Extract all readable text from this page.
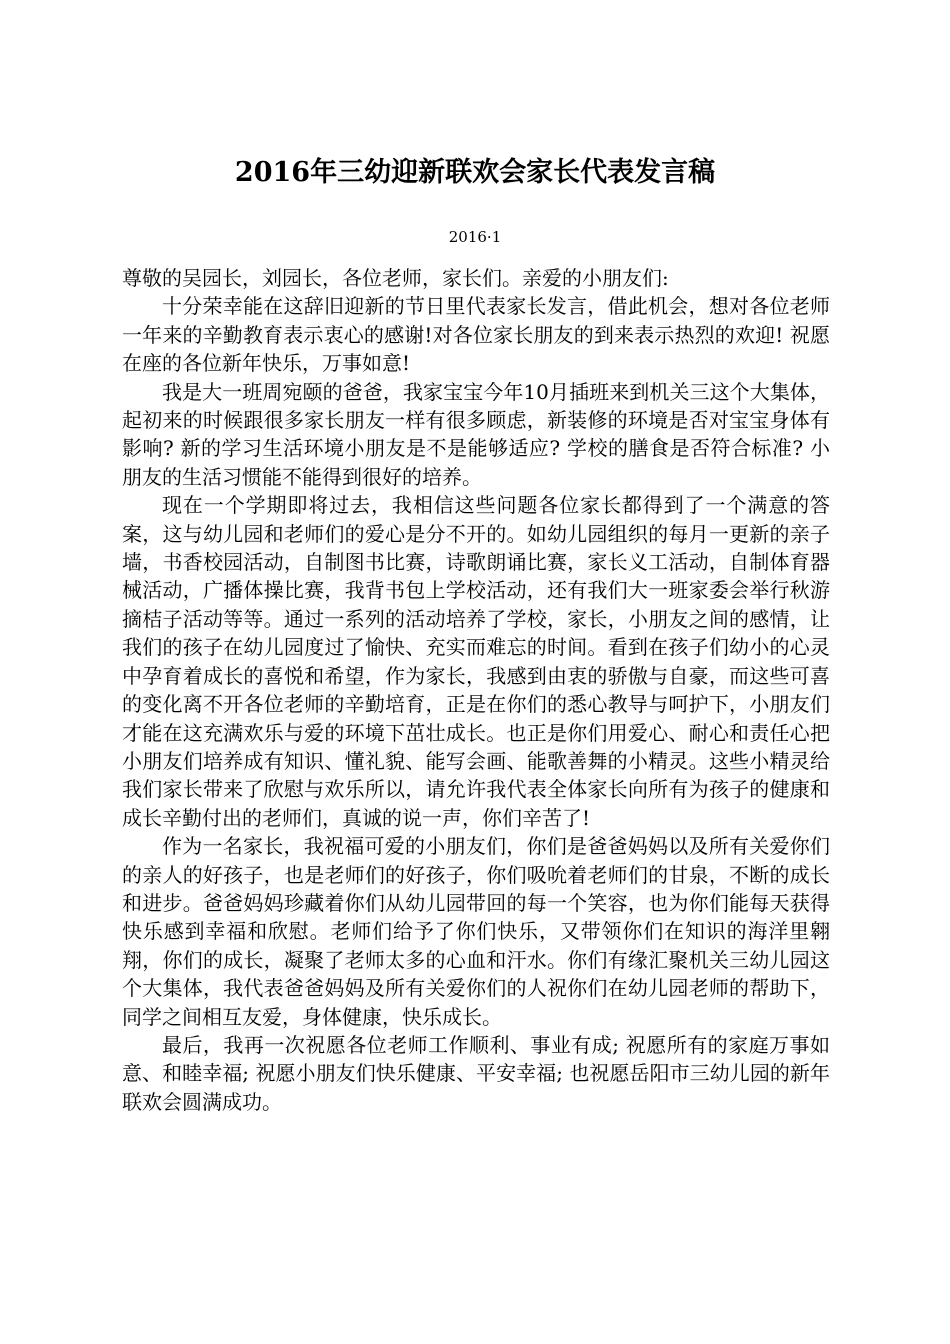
2016年三幼迎新联欢会家长代表发言稿
2016·1

尊敬的吴园长，刘园长，各位老师，家长们。亲爱的小朋友们:

十分荣幸能在这辞旧迎新的节日里代表家长发言，借此机会，想对各位老师一年来的辛勤教育表示衷心的感谢!对各位家长朋友的到来表示热烈的欢迎! 祝愿在座的各位新年快乐，万事如意!

我是大一班周宛颐的爸爸，我家宝宝今年10月插班来到机关三这个大集体，起初来的时候跟很多家长朋友一样有很多顾虑，新装修的环境是否对宝宝身体有影响? 新的学习生活环境小朋友是不是能够适应? 学校的膳食是否符合标准? 小朋友的生活习惯能不能得到很好的培养。

现在一个学期即将过去，我相信这些问题各位家长都得到了一个满意的答案，这与幼儿园和老师们的爱心是分不开的。如幼儿园组织的每月一更新的亲子墙，书香校园活动，自制图书比赛，诗歌朗诵比赛，家长义工活动，自制体育器械活动，广播体操比赛，我背书包上学校活动，还有我们大一班家委会举行秋游摘桔子活动等等。通过一系列的活动培养了学校，家长，小朋友之间的感情，让我们的孩子在幼儿园度过了愉快、充实而难忘的时间。看到在孩子们幼小的心灵中孕育着成长的喜悦和希望，作为家长，我感到由衷的骄傲与自豪，而这些可喜的变化离不开各位老师的辛勤培育，正是在你们的悉心教导与呵护下，小朋友们才能在这充满欢乐与爱的环境下茁壮成长。也正是你们用爱心、耐心和责任心把小朋友们培养成有知识、懂礼貌、能写会画、能歌善舞的小精灵。这些小精灵给我们家长带来了欣慰与欢乐所以，请允许我代表全体家长向所有为孩子的健康和成长辛勤付出的老师们，真诚的说一声，你们辛苦了!

作为一名家长，我祝福可爱的小朋友们，你们是爸爸妈妈以及所有关爱你们的亲人的好孩子，也是老师们的好孩子，你们吸吮着老师们的甘泉，不断的成长和进步。爸爸妈妈珍藏着你们从幼儿园带回的每一个笑容，也为你们能每天获得快乐感到幸福和欣慰。老师们给予了你们快乐，又带领你们在知识的海洋里翱翔，你们的成长，凝聚了老师太多的心血和汗水。你们有缘汇聚机关三幼儿园这个大集体，我代表爸爸妈妈及所有关爱你们的人祝你们在幼儿园老师的帮助下，同学之间相互友爱，身体健康，快乐成长。

最后，我再一次祝愿各位老师工作顺利、事业有成; 祝愿所有的家庭万事如意、和睦幸福; 祝愿小朋友们快乐健康、平安幸福; 也祝愿岳阳市三幼儿园的新年联欢会圆满成功。
